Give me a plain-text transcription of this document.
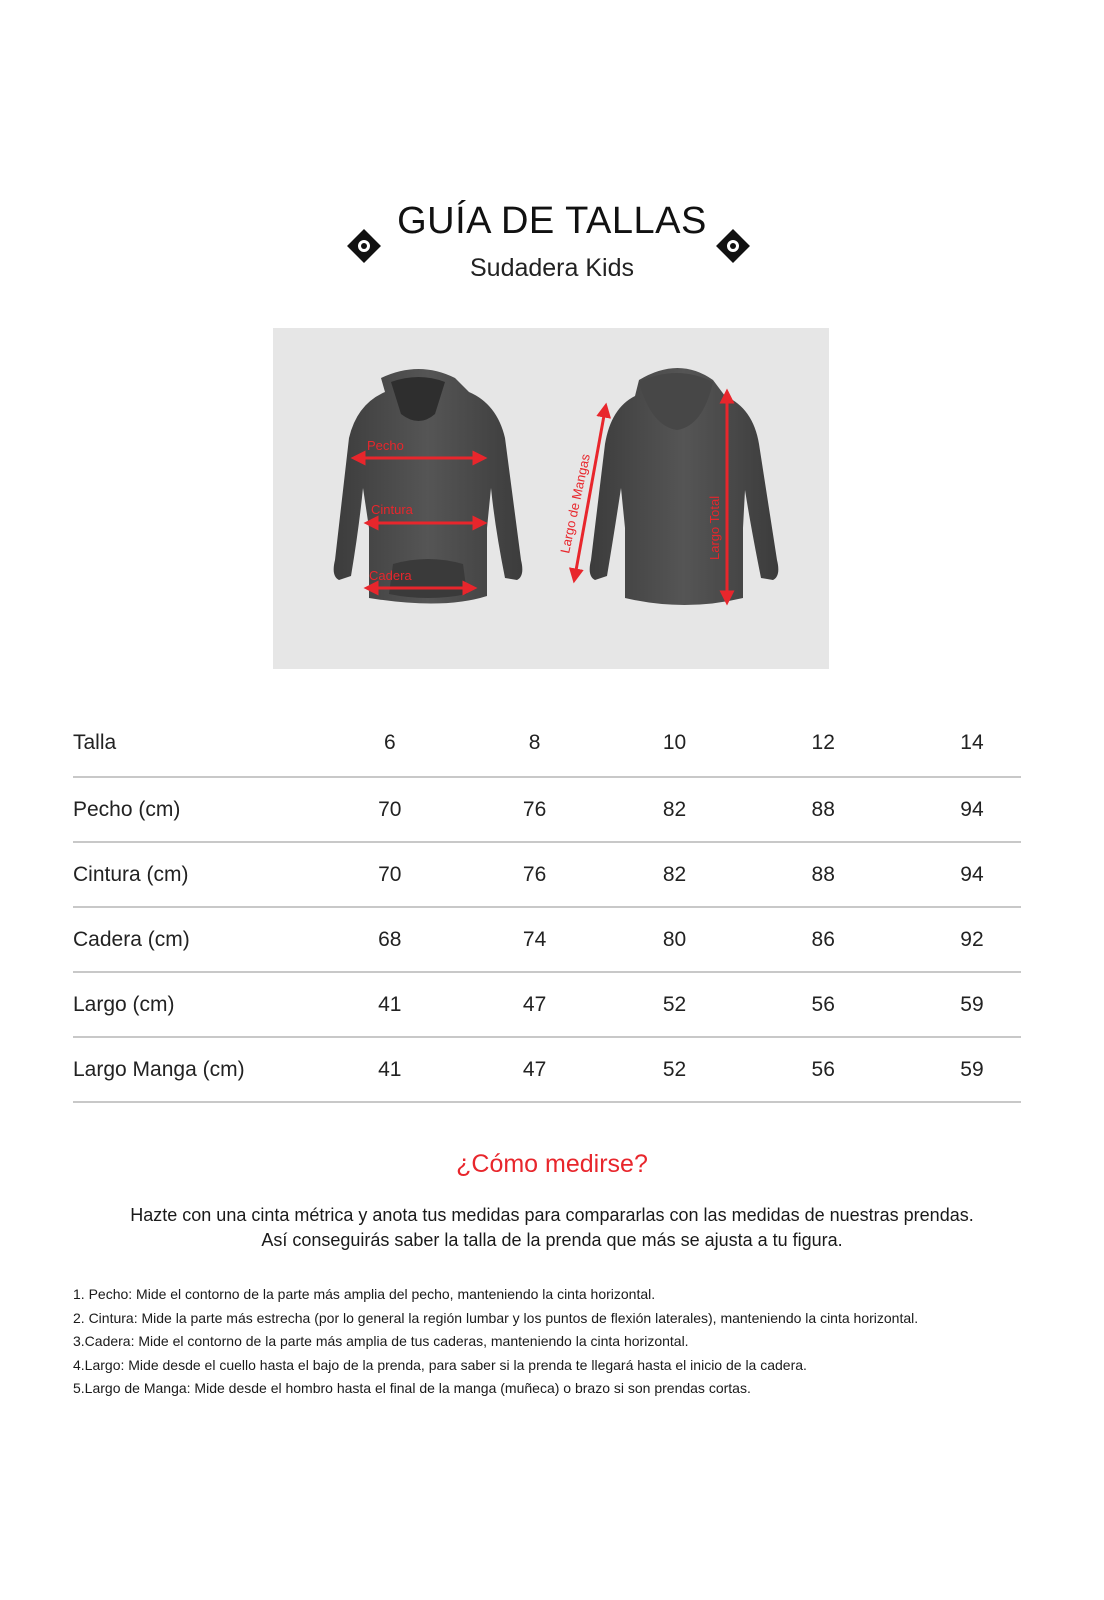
GUÍA DE TALLAS
Sudadera Kids
Pecho
Cintura
Cadera
Largo de Mangas	Largo Total
Talla	6	8	10	12	14
Pecho (cm)	70	76	82	88	94
Cintura (cm)	70	76	82	88	94
Cadera (cm)	68	74	80	86	92
Largo (cm)	41	47	52	56	59
Largo Manga (cm)	41	47	52	56	59
¿Cómo medirse?
Hazte con una cinta métrica y anota tus medidas para compararlas con las medidas de nuestras prendas.
Así conseguirás saber la talla de la prenda que más se ajusta a tu figura.
1. Pecho: Mide el contorno de la parte más amplia del pecho, manteniendo la cinta horizontal.
2. Cintura: Mide la parte más estrecha (por lo general la región lumbar y los puntos de flexión laterales), manteniendo la cinta horizontal.
3.Cadera: Mide el contorno de la parte más amplia de tus caderas, manteniendo la cinta horizontal.
4.Largo: Mide desde el cuello hasta el bajo de la prenda, para saber si la prenda te llegará hasta el inicio de la cadera.
5.Largo de Manga: Mide desde el hombro hasta el final de la manga (muñeca) o brazo si son prendas cortas.
